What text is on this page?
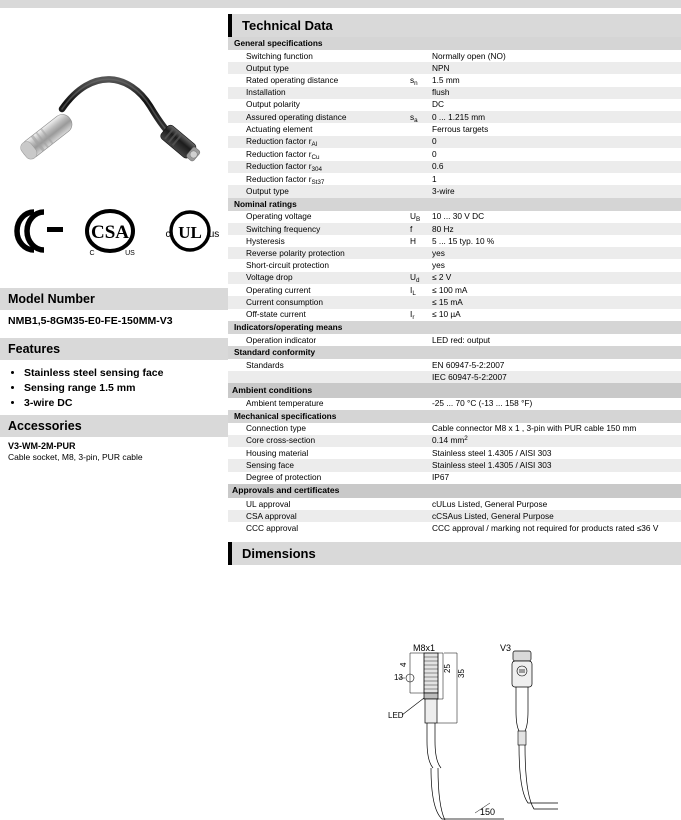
CSA
C	US
c UL us
Model Number
NMB1,5-8GM35-E0-FE-150MM-V3
Features
• Stainless steel sensing face
• Sensing range 1.5 mm
• 3-wire DC
Accessories

V3-WM-2M-PUR

Cable socket, M8, 3-pin, PUR cable

Technical Data
General specifications		
Switching function		Normally open (NO)
Output type		NPN
Rated operating distance	$s_n$	1.5 mm
Installation		flush
Output polarity		DC
Assured operating distance	$s_a$	0 ... 1.215 mm
Actuating element		Ferrous targets
Reduction factor $r_{Al}$		0
Reduction factor $r_{Cu}$		0
Reduction factor $r_{304}$		0.6
Reduction factor $r_{St37}$		1
Output type		3-wire
Nominal ratings		
Operating voltage	$U_B$	10 ... 30 V DC
Switching frequency	f	80 Hz
Hysteresis	H	5 ... 15 typ. 10 %
Reverse polarity protection		yes
Short-circuit protection		yes
Voltage drop	$U_d$	≤ 2 V
Operating current	$I_L$	≤ 100 mA
Current consumption		≤ 15 mA
Off-state current	$I_r$	≤ 10 µA
Indicators/operating means		
Operation indicator		LED red: output
Standard conformity		
Standards		EN 60947-5-2:2007
		IEC 60947-5-2:2007
Ambient conditions		
Ambient temperature		-25 ... 70 °C (-13 ... 158 °F)
Mechanical specifications		
Connection type		Cable connector M8 x 1 , 3-pin with PUR cable 150 mm
Core cross-section		0.14 $mm^2$
Housing material		Stainless steel 1.4305 / AISI 303
Sensing face		Stainless steel 1.4305 / AISI 303
Degree of protection		IP67
Approvals and certificates		
UL approval		cULus Listed, General Purpose
CSA approval		cCSAus Listed, General Purpose
CCC approval		CCC approval / marking not required for products rated ≤36 V
Dimensions
M8x1	V3
4
13
25
35
150
LED
